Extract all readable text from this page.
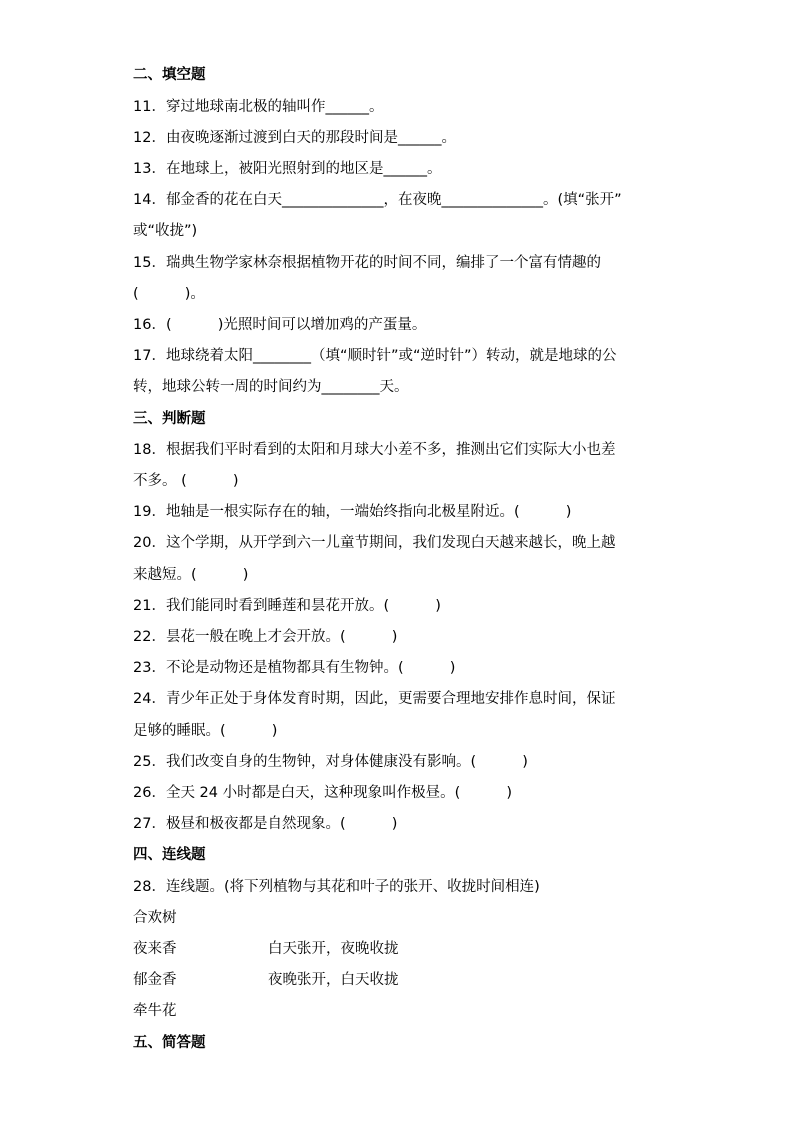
二、填空题
11．穿过地球南北极的轴叫作______。
12．由夜晚逐渐过渡到白天的那段时间是______。
13．在地球上，被阳光照射到的地区是______。
14．郁金香的花在白天______________，在夜晚______________。(填“张开”
或“收拢”)
15．瑞典生物学家林奈根据植物开花的时间不同，编排了一个富有情趣的
(          )。
16．(          )光照时间可以增加鸡的产蛋量。
17．地球绕着太阳________（填“顺时针”或“逆时针”）转动，就是地球的公
转，地球公转一周的时间约为________天。
三、判断题
18．根据我们平时看到的太阳和月球大小差不多，推测出它们实际大小也差
不多。 (          )
19．地轴是一根实际存在的轴，一端始终指向北极星附近。(          )
20．这个学期，从开学到六一儿童节期间，我们发现白天越来越长，晚上越
来越短。(          )
21．我们能同时看到睡莲和昙花开放。(          )
22．昙花一般在晚上才会开放。(          )
23．不论是动物还是植物都具有生物钟。(          )
24．青少年正处于身体发育时期，因此，更需要合理地安排作息时间，保证
足够的睡眠。(          )
25．我们改变自身的生物钟，对身体健康没有影响。(          )
26．全天 24 小时都是白天，这种现象叫作极昼。(          )
27．极昼和极夜都是自然现象。(          )
四、连线题
28．连线题。(将下列植物与其花和叶子的张开、收拢时间相连)
合欢树
夜来香	白天张开，夜晚收拢
郁金香	夜晚张开，白天收拢
牵牛花
五、简答题
